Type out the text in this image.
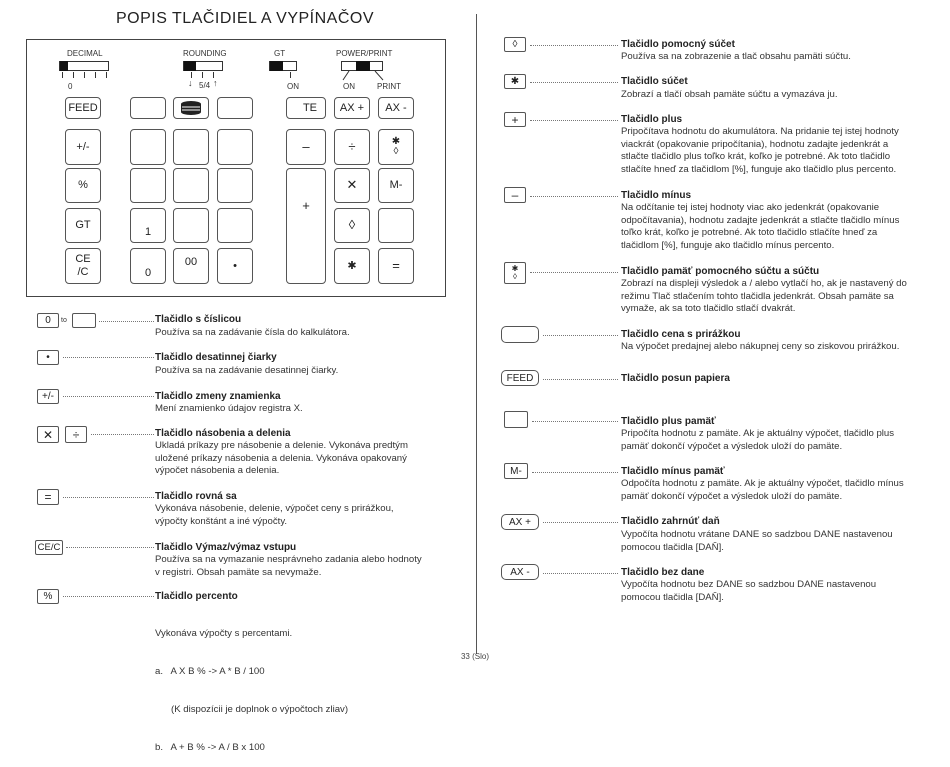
POPIS TLAČIDIEL A VYPÍNAČOV
DECIMAL
0
ROUNDING
↓ 5/4 ↑
GT
ON
POWER/PRINT
ON	PRINT
FEED
+/-
%
GT
CE
/C
1
0
00	•
TE
–
+
AX +
÷
✕
◊
✱
AX -
✱
◊
M-
=
0	to	Tlačidlo s číslicou
Používa sa na zadávanie čísla do kalkulátora.
•	Tlačidlo desatinnej čiarky
Používa sa na zadávanie desatinnej čiarky.
+/-	Tlačidlo zmeny znamienka
Mení znamienko údajov registra X.
✕	÷	Tlačidlo násobenia a delenia
Ukladá príkazy pre násobenie a delenie. Vykonáva predtým
uložené príkazy násobenia a delenia. Vykonáva opakovaný
výpočet násobenia a delenia.
=	Tlačidlo rovná sa
Vykonáva násobenie, delenie, výpočet ceny s prirážkou,
výpočty konštánt a iné výpočty.
CE/C	Tlačidlo Výmaz/výmaz vstupu
Používa sa na vymazanie nesprávneho zadania alebo hodnoty
v registri. Obsah pamäte sa nevymaže.
%	Tlačidlo percento

Vykonáva výpočty s percentami.

a.   A X B % -> A * B / 100

(K dispozícii je doplnok o výpočtoch zliav)

b.   A + B % -> A / B x 100

◊	Tlačidlo pomocný súčet
Používa sa na zobrazenie a tlač obsahu pamäti súčtu.
✱	Tlačidlo súčet
Zobrazí a tlačí obsah pamäte súčtu a vymazáva ju.
+	Tlačidlo plus
Pripočítava hodnotu do akumulátora. Na pridanie tej istej hodnoty
viackrát (opakovanie pripočítania), hodnotu zadajte jedenkrát a
stlačte tlačidlo plus toľko krát, koľko je potrebné. Ak toto tlačidlo
stlačíte hneď za tlačidlom [%], funguje ako tlačidlo plus percento.
–	Tlačidlo mínus
Na odčítanie tej istej hodnoty viac ako jedenkrát (opakovanie
odpočítavania), hodnotu zadajte jedenkrát a stlačte tlačidlo mínus
toľko krát, koľko je potrebné. Ak toto tlačidlo stlačíte hneď za
tlačidlom [%], funguje ako tlačidlo mínus percento.
✱
◊	Tlačidlo pamäť pomocného súčtu a súčtu
Zobrazí na displeji výsledok a / alebo vytlačí ho, ak je nastavený do
režimu Tlač stlačením tohto tlačidla jedenkrát. Obsah pamäte sa
vymaže, ak sa toto tlačidlo stlačí dvakrát.
Tlačidlo cena s prirážkou
Na výpočet predajnej alebo nákupnej ceny so ziskovou prirážkou.
FEED	Tlačidlo posun papiera
Tlačidlo plus pamäť
Pripočíta hodnotu z pamäte. Ak je aktuálny výpočet, tlačidlo plus
pamäť dokončí výpočet a výsledok uloží do pamäte.
M-	Tlačidlo mínus pamäť
Odpočíta hodnotu z pamäte. Ak je aktuálny výpočet, tlačidlo mínus
pamäť dokončí výpočet a výsledok uloží do pamäte.
AX +	Tlačidlo zahrnúť daň
Vypočíta hodnotu vrátane DANE so sadzbou DANE nastavenou
pomocou tlačidla [DAŇ].
AX -	Tlačidlo bez dane
Vypočíta hodnotu bez DANE so sadzbou DANE nastavenou
pomocou tlačidla [DAŇ].
33 (Slo)
